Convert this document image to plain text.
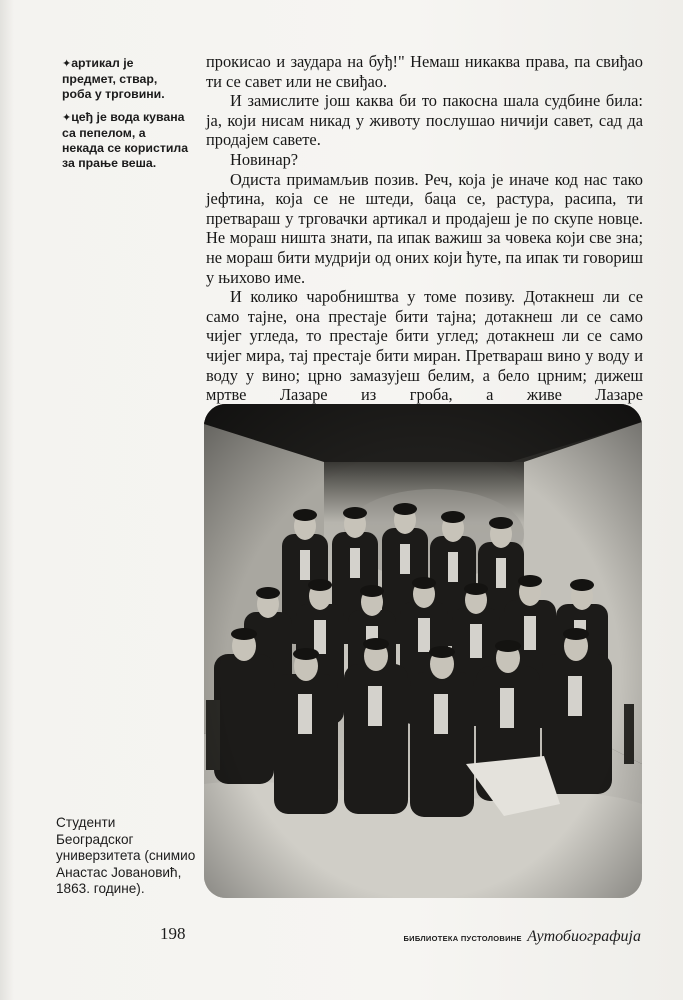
✦артикал је предмет, ствар, роба у трговини.

✦цеђ је вода кувана са пепелом, а некада се користила за прање веша.

прокисао и заудара на буђ!" Немаш никаква права, па свиђао ти се савет или не свиђао.

И замислите још каква би то пакосна шала судбине била: ја, који нисам никад у животу послушао ничији савет, сад да продајем савете.

Новинар?

Одиста примамљив позив. Реч, која је иначе код нас тако јефтина, која се не штеди, баца се, растура, расипа, ти претвараш у трговачки артикал и продајеш је по скупе новце. Не мораш ништа знати, па ипак важиш за човека који све зна; не мораш бити мудрији од оних који ћуте, па ипак ти говориш у њихово име.

И колико чаробништва у томе позиву. Дотакнеш ли се само тајне, она престаје бити тајна; дотакнеш ли се само чијег угледа, то престаје бити углед; дотакнеш ли се само чијег мира, тај престаје бити миран. Претвараш вино у воду и воду у вино; црно замазујеш белим, а бело црним; дижеш мртве Лазаре из гроба, а живе Лазаре

Студенти Београдског универзитета (снимио Анастас Јовановић, 1863. године).
198	БИБЛИОТЕКА ПУСТОЛОВИНЕ Аутобиографија
